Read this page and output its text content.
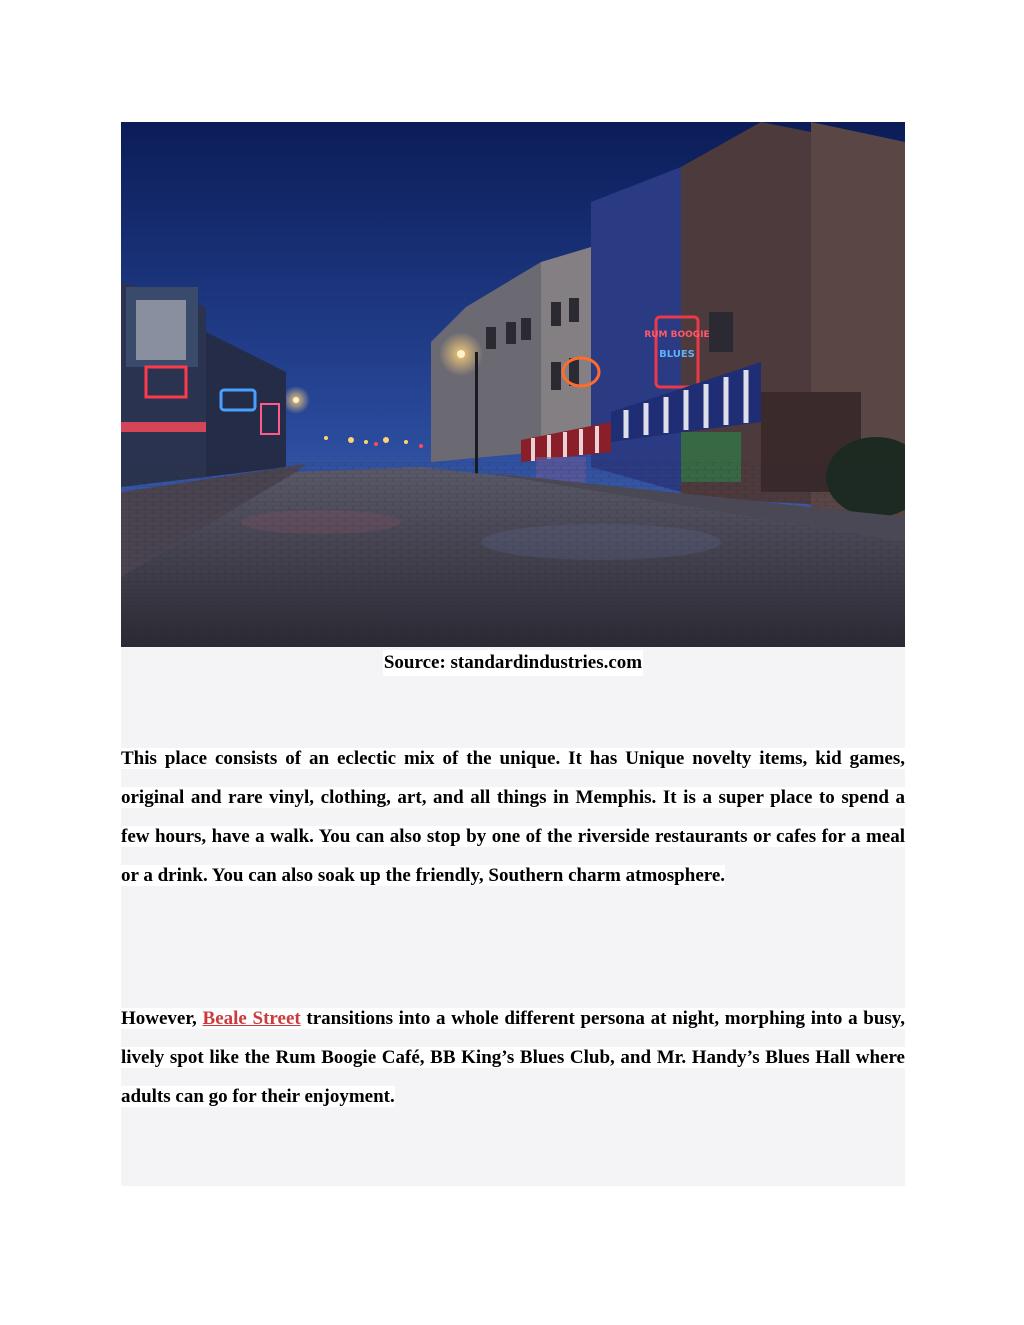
RUM BOOGIE
BLUES
Source: standardindustries.com
This place consists of an eclectic mix of the unique. It has Unique novelty items, kid games, original and rare vinyl, clothing, art, and all things in Memphis. It is a super place to spend a few hours, have a walk. You can also stop by one of the riverside restaurants or cafes for a meal or a drink. You can also soak up the friendly, Southern charm atmosphere.
However, Beale Street transitions into a whole different persona at night, morphing into a busy, lively spot like the Rum Boogie Café, BB King’s Blues Club, and Mr. Handy’s Blues Hall where adults can go for their enjoyment.
